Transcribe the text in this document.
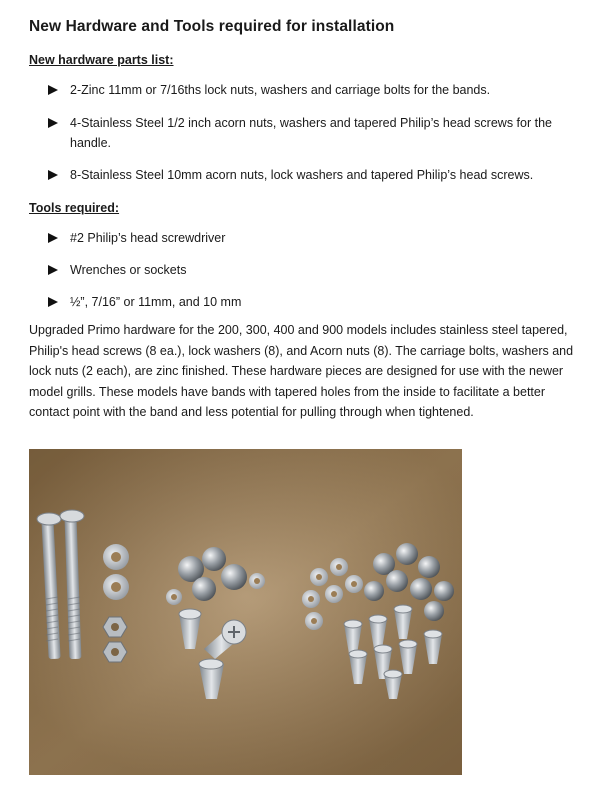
New Hardware and Tools required for installation
New hardware parts list:
2-Zinc 11mm or 7/16ths lock nuts, washers and carriage bolts for the bands.
4-Stainless Steel 1/2 inch acorn nuts, washers and tapered Philip’s head screws for the handle.
8-Stainless Steel 10mm acorn nuts, lock washers and tapered Philip’s head screws.
Tools required:
#2 Philip’s head screwdriver
Wrenches or sockets
½”, 7/16” or 11mm, and 10 mm
Upgraded Primo hardware for the 200, 300, 400 and 900 models includes stainless steel tapered, Philip's head screws (8 ea.), lock washers (8), and Acorn nuts (8). The carriage bolts, washers and lock nuts (2 each), are zinc finished. These hardware pieces are designed for use with the newer model grills. These models have bands with tapered holes from the inside to facilitate a better contact point with the band and less potential for pulling through when tightened.
